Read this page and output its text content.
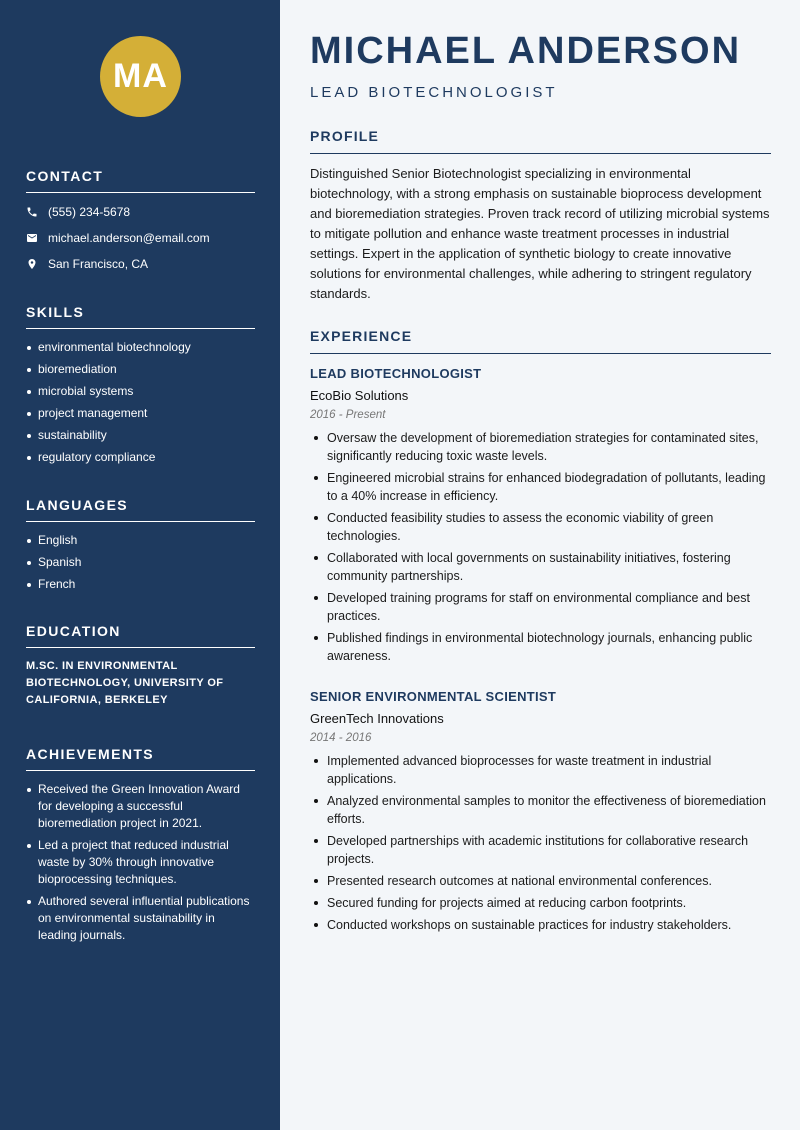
MA
CONTACT
(555) 234-5678
michael.anderson@email.com
San Francisco, CA
SKILLS
environmental biotechnology
bioremediation
microbial systems
project management
sustainability
regulatory compliance
LANGUAGES
English
Spanish
French
EDUCATION
M.SC. IN ENVIRONMENTAL BIOTECHNOLOGY, UNIVERSITY OF CALIFORNIA, BERKELEY
ACHIEVEMENTS
Received the Green Innovation Award for developing a successful bioremediation project in 2021.
Led a project that reduced industrial waste by 30% through innovative bioprocessing techniques.
Authored several influential publications on environmental sustainability in leading journals.
MICHAEL ANDERSON
LEAD BIOTECHNOLOGIST
PROFILE

Distinguished Senior Biotechnologist specializing in environmental biotechnology, with a strong emphasis on sustainable bioprocess development and bioremediation strategies. Proven track record of utilizing microbial systems to mitigate pollution and enhance waste treatment processes in industrial settings. Expert in the application of synthetic biology to create innovative solutions for environmental challenges, while adhering to stringent regulatory standards.

EXPERIENCE
LEAD BIOTECHNOLOGIST
EcoBio Solutions
2016 - Present
Oversaw the development of bioremediation strategies for contaminated sites, significantly reducing toxic waste levels.
Engineered microbial strains for enhanced biodegradation of pollutants, leading to a 40% increase in efficiency.
Conducted feasibility studies to assess the economic viability of green technologies.
Collaborated with local governments on sustainability initiatives, fostering community partnerships.
Developed training programs for staff on environmental compliance and best practices.
Published findings in environmental biotechnology journals, enhancing public awareness.
SENIOR ENVIRONMENTAL SCIENTIST
GreenTech Innovations
2014 - 2016
Implemented advanced bioprocesses for waste treatment in industrial applications.
Analyzed environmental samples to monitor the effectiveness of bioremediation efforts.
Developed partnerships with academic institutions for collaborative research projects.
Presented research outcomes at national environmental conferences.
Secured funding for projects aimed at reducing carbon footprints.
Conducted workshops on sustainable practices for industry stakeholders.
